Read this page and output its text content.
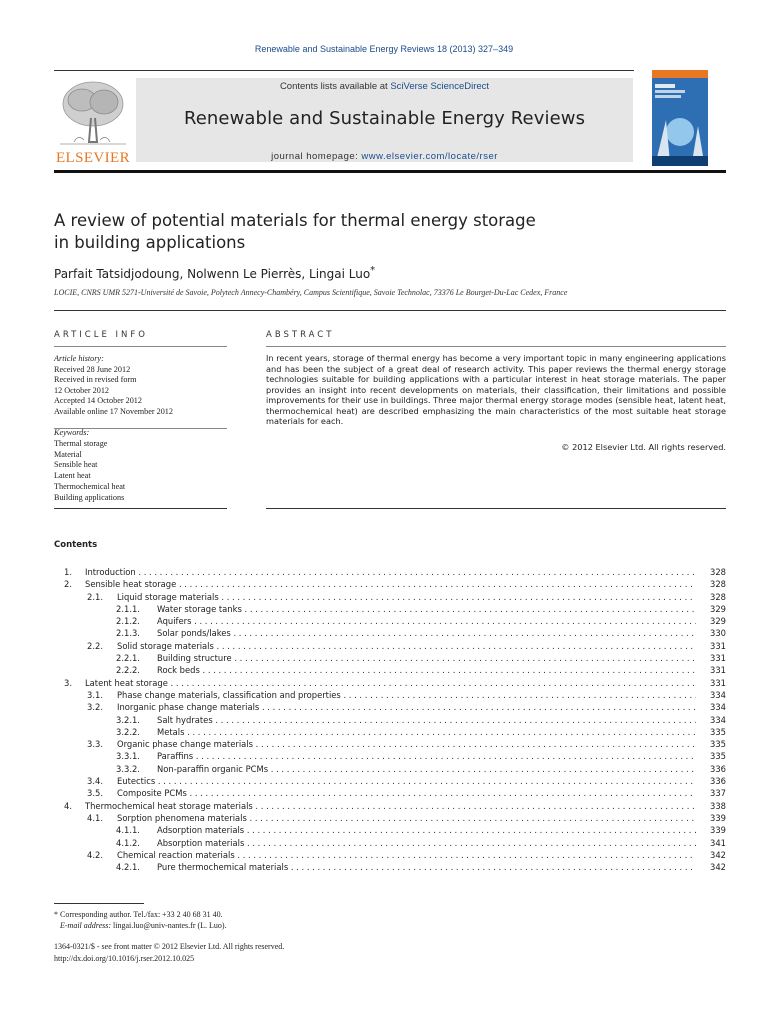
Renewable and Sustainable Energy Reviews 18 (2013) 327–349
ELSEVIER
Contents lists available at SciVerse ScienceDirect
Renewable and Sustainable Energy Reviews
journal homepage: www.elsevier.com/locate/rser
A review of potential materials for thermal energy storage
in building applications
Parfait Tatsidjodoung, Nolwenn Le Pierrès, Lingai Luo*
LOCIE, CNRS UMR 5271-Université de Savoie, Polytech Annecy-Chambéry, Campus Scientifique, Savoie Technolac, 73376 Le Bourget-Du-Lac Cedex, France
ARTICLE INFO	ABSTRACT
Article history:
Received 28 June 2012
Received in revised form
12 October 2012
Accepted 14 October 2012
Available online 17 November 2012
Keywords:
Thermal storage
Material
Sensible heat
Latent heat
Thermochemical heat
Building applications
In recent years, storage of thermal energy has become a very important topic in many engineering applications and has been the subject of a great deal of research activity. This paper reviews the thermal energy storage technologies suitable for building applications with a particular interest in heat storage materials. The paper provides an insight into recent developments on materials, their classification, their limitations and possible improvements for their use in buildings. Three major thermal energy storage modes (sensible heat, latent heat, thermochemical heat) are described emphasizing the main characteristics of the most suitable heat storage materials for each.
© 2012 Elsevier Ltd. All rights reserved.
Contents
1. Introduction . . .	328
2. Sensible heat storage . . .	328
2.1. Liquid storage materials . . .	328
2.1.1. Water storage tanks . . .	329
2.1.2. Aquifers . . .	329
2.1.3. Solar ponds/lakes . . .	330
2.2. Solid storage materials . . .	331
2.2.1. Building structure . . .	331
2.2.2. Rock beds . . .	331
3. Latent heat storage . . .	331
3.1. Phase change materials, classification and properties . . .	334
3.2. Inorganic phase change materials . . .	334
3.2.1. Salt hydrates . . .	334
3.2.2. Metals . . .	335
3.3. Organic phase change materials . . .	335
3.3.1. Paraffins . . .	335
3.3.2. Non-paraffin organic PCMs . . .	336
3.4. Eutectics . . .	336
3.5. Composite PCMs . . .	337
4. Thermochemical heat storage materials . . .	338
4.1. Sorption phenomena materials . . .	339
4.1.1. Adsorption materials . . .	339
4.1.2. Absorption materials . . .	341
4.2. Chemical reaction materials . . .	342
4.2.1. Pure thermochemical materials . . .	342
* Corresponding author. Tel./fax: +33 2 40 68 31 40.
E-mail address: lingai.luo@univ-nantes.fr (L. Luo).
1364-0321/$ - see front matter © 2012 Elsevier Ltd. All rights reserved.
http://dx.doi.org/10.1016/j.rser.2012.10.025
